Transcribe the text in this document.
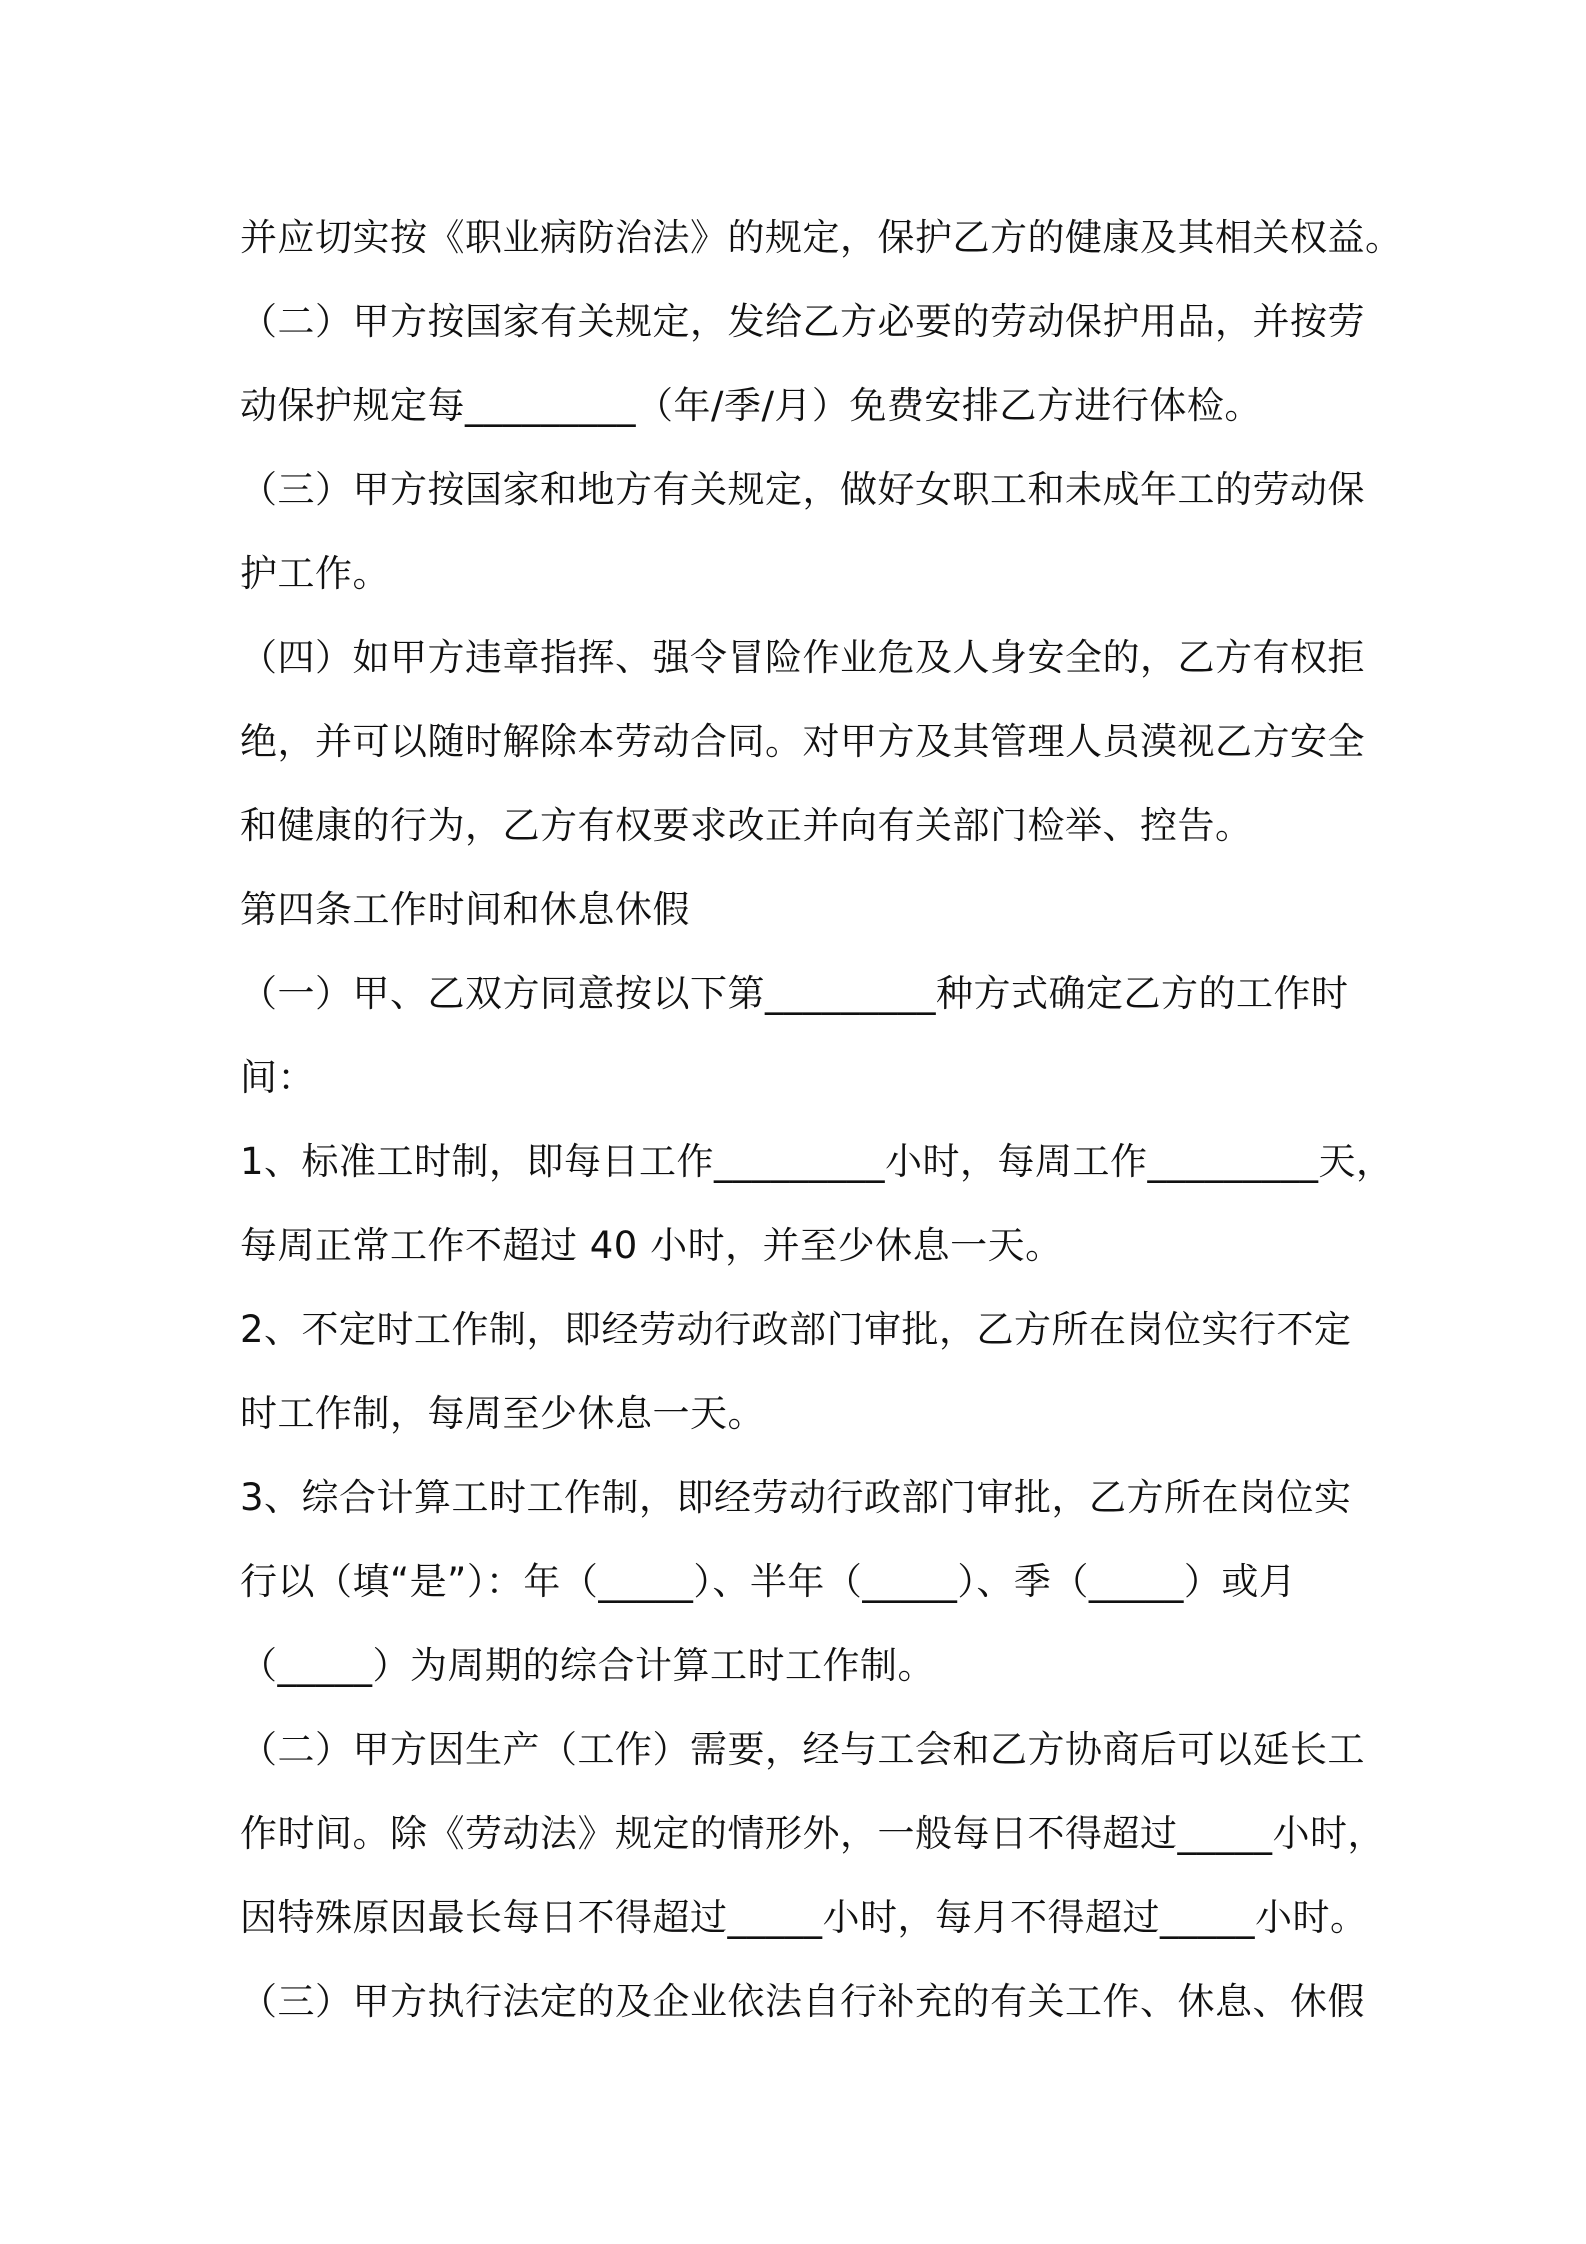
并应切实按《职业病防治法》的规定，保护乙方的健康及其相关权益。
（二）甲方按国家有关规定，发给乙方必要的劳动保护用品，并按劳
动保护规定每_________（年/季/月）免费安排乙方进行体检。
（三）甲方按国家和地方有关规定，做好女职工和未成年工的劳动保
护工作。
（四）如甲方违章指挥、强令冒险作业危及人身安全的，乙方有权拒
绝，并可以随时解除本劳动合同。对甲方及其管理人员漠视乙方安全
和健康的行为，乙方有权要求改正并向有关部门检举、控告。
第四条工作时间和休息休假
（一）甲、乙双方同意按以下第_________种方式确定乙方的工作时
间：
1、标准工时制，即每日工作_________小时，每周工作_________天，
每周正常工作不超过 40 小时，并至少休息一天。
2、不定时工作制，即经劳动行政部门审批，乙方所在岗位实行不定
时工作制，每周至少休息一天。
3、综合计算工时工作制，即经劳动行政部门审批，乙方所在岗位实
行以（填“是”）：年（_____）、半年（_____）、季（_____）或月
（_____）为周期的综合计算工时工作制。
（二）甲方因生产（工作）需要，经与工会和乙方协商后可以延长工
作时间。除《劳动法》规定的情形外，一般每日不得超过_____小时，
因特殊原因最长每日不得超过_____小时，每月不得超过_____小时。
（三）甲方执行法定的及企业依法自行补充的有关工作、休息、休假
